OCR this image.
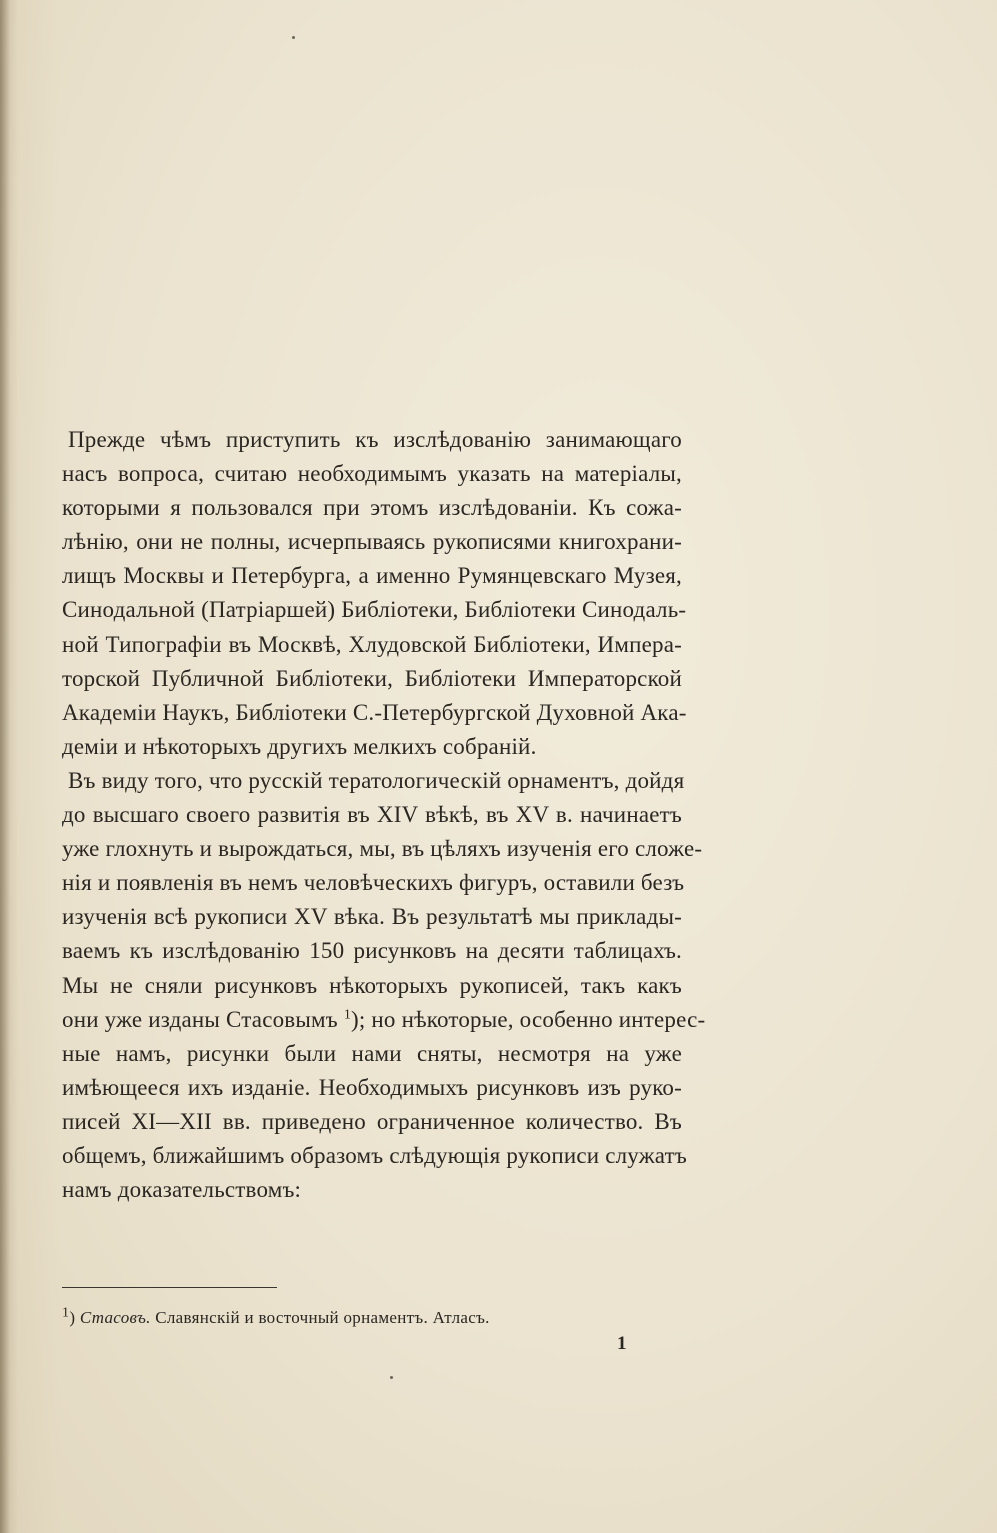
Прежде чѣмъ приступить къ изслѣдованію занимающаго
насъ вопроса, считаю необходимымъ указать на матеріалы,
которыми я пользовался при этомъ изслѣдованіи. Къ сожа-
лѣнію, они не полны, исчерпываясь рукописями книгохрани-
лищъ Москвы и Петербурга, а именно Румянцевскаго Музея,
Синодальной (Патріаршей) Библіотеки, Библіотеки Синодаль-
ной Типографіи въ Москвѣ, Хлудовской Библіотеки, Импера-
торской Публичной Библіотеки, Библіотеки Императорской
Академіи Наукъ, Библіотеки С.-Петербургской Духовной Ака-
деміи и нѣкоторыхъ другихъ мелкихъ собраній.
Въ виду того, что русскій тератологическій орнаментъ, дойдя
до высшаго своего развитія въ XIV вѣкѣ, въ XV в. начинаетъ
уже глохнуть и вырождаться, мы, въ цѣляхъ изученія его сложе-
нія и появленія въ немъ человѣческихъ фигуръ, оставили безъ
изученія всѣ рукописи XV вѣка. Въ результатѣ мы приклады-
ваемъ къ изслѣдованію 150 рисунковъ на десяти таблицахъ.
Мы не сняли рисунковъ нѣкоторыхъ рукописей, такъ какъ
они уже изданы Стасовымъ $^1$); но нѣкоторые, особенно интерес-
ные намъ, рисунки были нами сняты, несмотря на уже
имѣющееся ихъ изданіе. Необходимыхъ рисунковъ изъ руко-
писей XI—XII вв. приведено ограниченное количество. Въ
общемъ, ближайшимъ образомъ слѣдующія рукописи служатъ
намъ доказательствомъ:
$^1$) Стасовъ. Славянскій и восточный орнаментъ. Атласъ.
1
